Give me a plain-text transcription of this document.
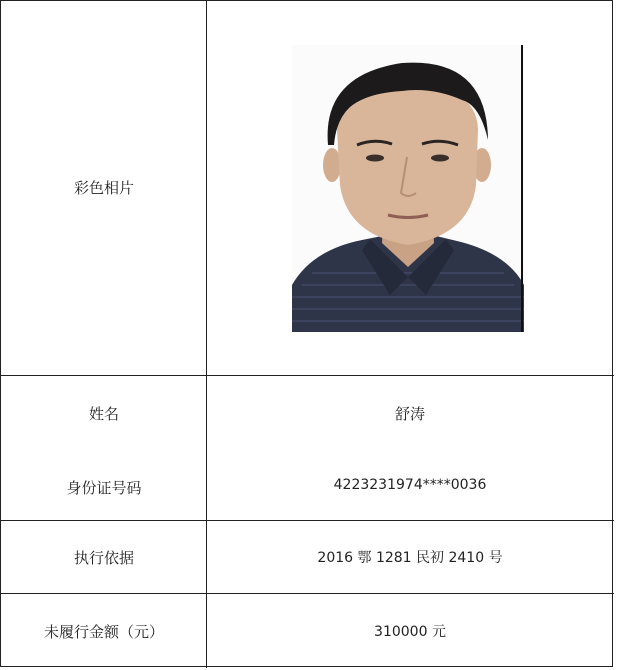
彩色相片
姓名	舒涛
身份证号码	4223231974****0036
执行依据	2016 鄂 1281 民初 2410 号
未履行金额（元）	310000 元
